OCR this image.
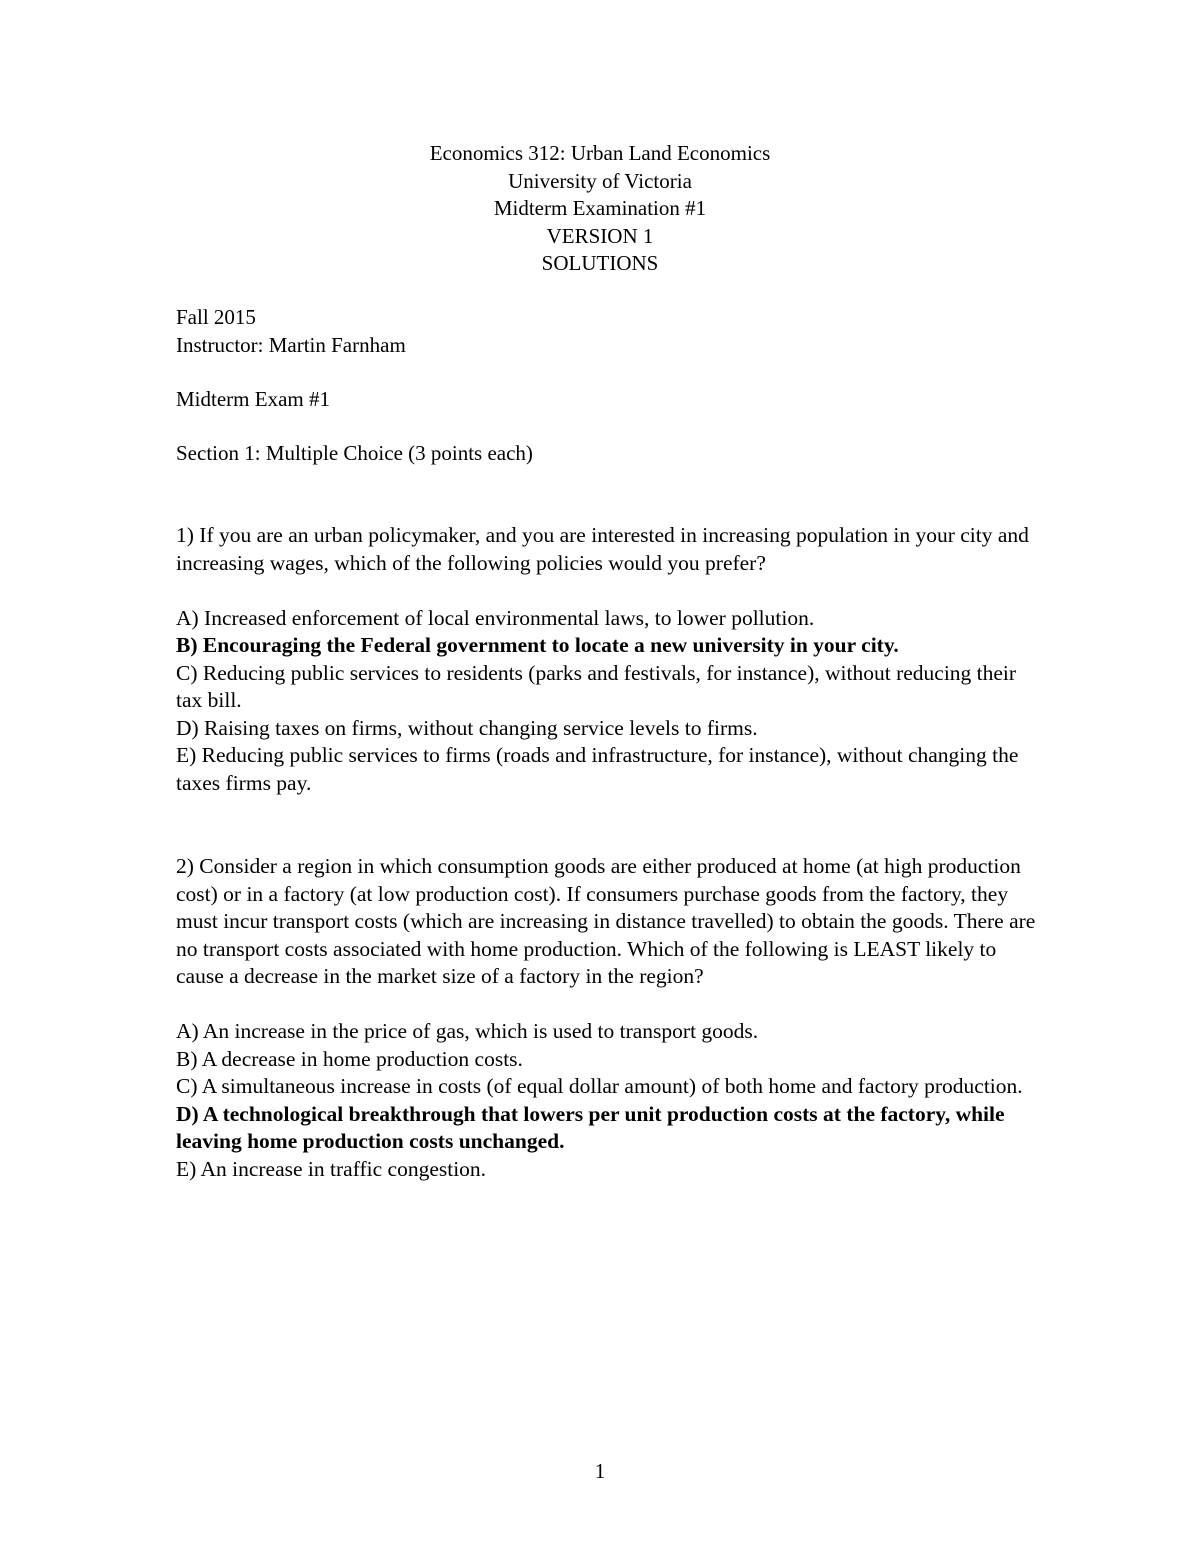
Economics 312: Urban Land Economics
University of Victoria
Midterm Examination #1
VERSION 1
SOLUTIONS
Fall 2015
Instructor: Martin Farnham
Midterm Exam #1
Section 1: Multiple Choice (3 points each)

1) If you are an urban policymaker, and you are interested in increasing population in your city and increasing wages, which of the following policies would you prefer?

A) Increased enforcement of local environmental laws, to lower pollution.

B) Encouraging the Federal government to locate a new university in your city.

C) Reducing public services to residents (parks and festivals, for instance), without reducing their tax bill.

D) Raising taxes on firms, without changing service levels to firms.

E) Reducing public services to firms (roads and infrastructure, for instance), without changing the taxes firms pay.

2) Consider a region in which consumption goods are either produced at home (at high production cost) or in a factory (at low production cost). If consumers purchase goods from the factory, they must incur transport costs (which are increasing in distance travelled) to obtain the goods. There are no transport costs associated with home production. Which of the following is LEAST likely to cause a decrease in the market size of a factory in the region?

A) An increase in the price of gas, which is used to transport goods.

B) A decrease in home production costs.

C) A simultaneous increase in costs (of equal dollar amount) of both home and factory production.

D) A technological breakthrough that lowers per unit production costs at the factory, while leaving home production costs unchanged.

E) An increase in traffic congestion.

1
